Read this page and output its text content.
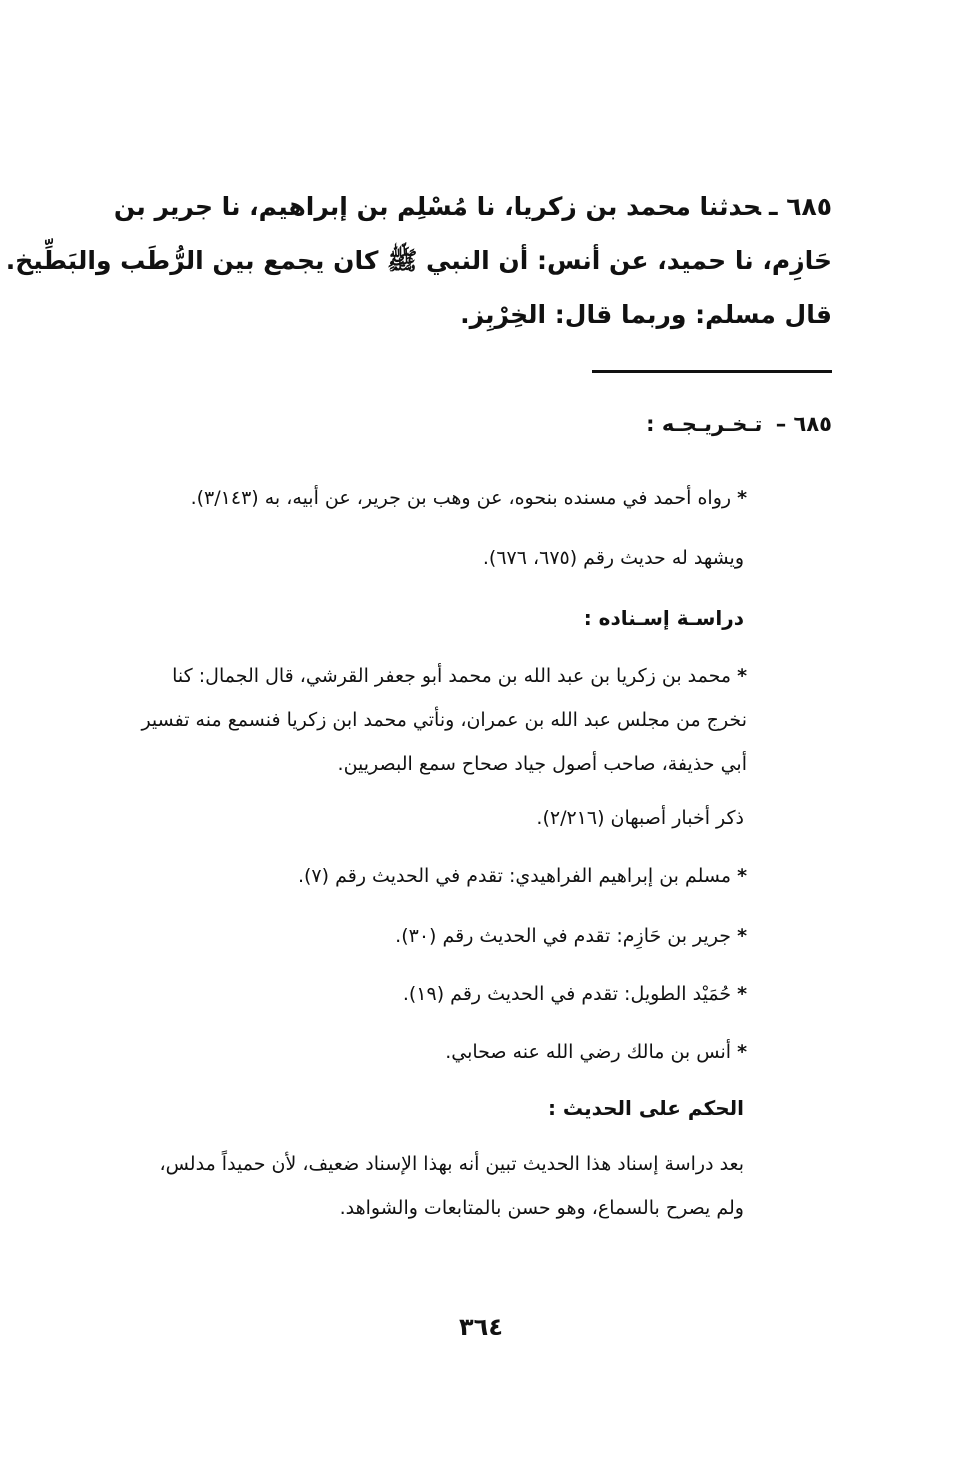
٦٨٥ ـحدثنا محمد بن زكريا، نا مُسْلِم بن إبراهيم، نا جرير بن
حَازِم، نا حميد، عن أنس: أن النبي ﷺ كان يجمع بين الرُّطَب والبَطِّيخ.
قال مسلم: وربما قال: الخِرْبِز.
٦٨٥ – تـخـريـجـه :
*رواه أحمد في مسنده بنحوه، عن وهب بن جرير، عن أبيه، به (٣/١٤٣).
ويشهد له حديث رقم (٦٧٥، ٦٧٦).
دراسـة إسـناده :
*محمد بن زكريا بن عبد الله بن محمد أبو جعفر القرشي، قال الجمال: كنا
نخرج من مجلس عبد الله بن عمران، ونأتي محمد ابن زكريا فنسمع منه تفسير
أبي حذيفة، صاحب أصول جياد صحاح سمع البصريين.
ذكر أخبار أصبهان (٢/٢١٦).
*مسلم بن إبراهيم الفراهيدي: تقدم في الحديث رقم (٧).
*جرير بن حَازِم: تقدم في الحديث رقم (٣٠).
*حُمَيْد الطويل: تقدم في الحديث رقم (١٩).
*أنس بن مالك رضي الله عنه صحابي.
الحكم على الحديث :
بعد دراسة إسناد هذا الحديث تبين أنه بهذا الإسناد ضعيف، لأن حميداً مدلس،
ولم يصرح بالسماع، وهو حسن بالمتابعات والشواهد.
٣٦٤
